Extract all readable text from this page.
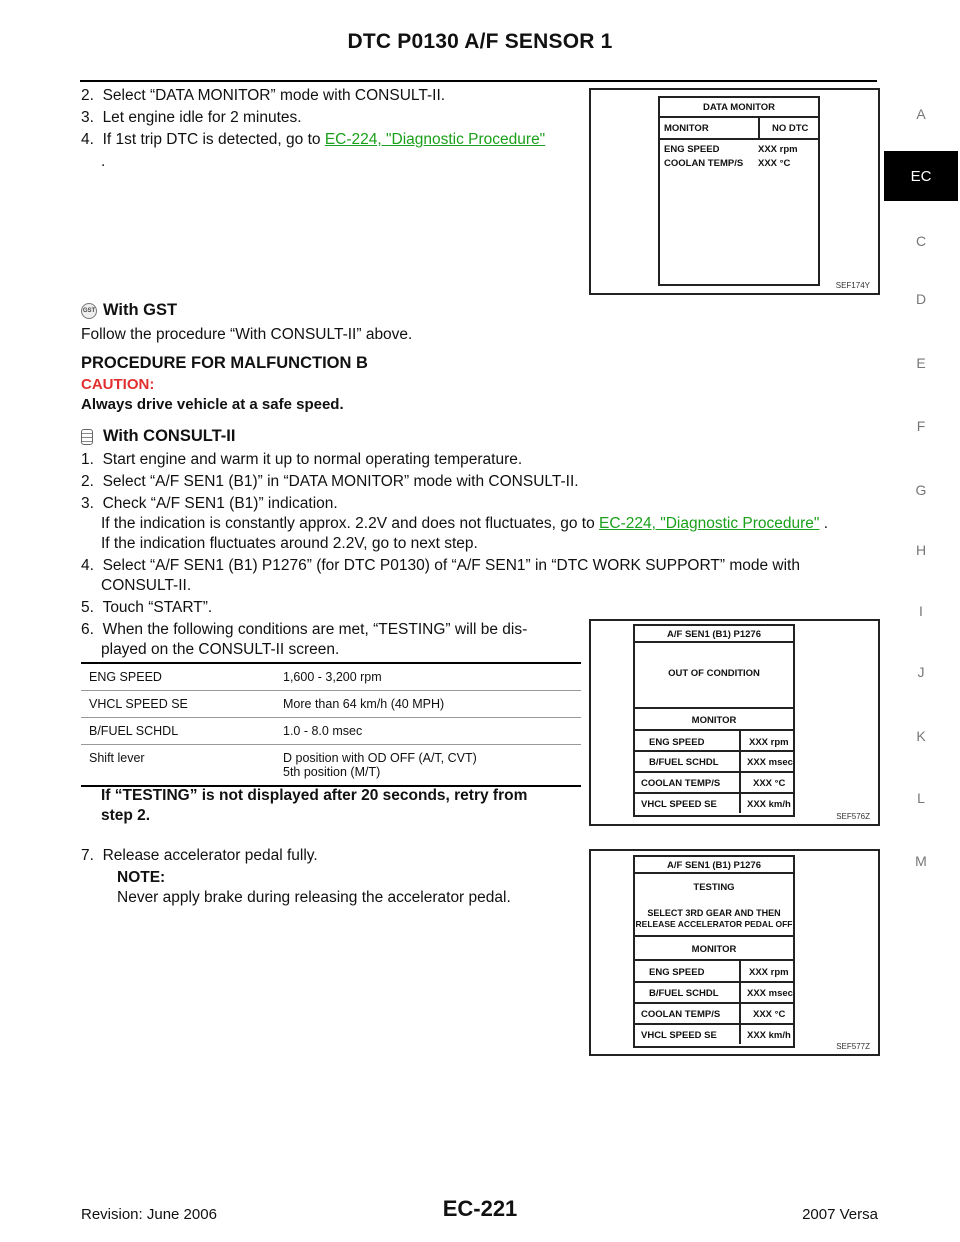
DTC P0130 A/F SENSOR 1
A
EC
C
D
E
F
G
H
I
J
K
L
M
2. Select “DATA MONITOR” mode with CONSULT-II.
3. Let engine idle for 2 minutes.
4. If 1st trip DTC is detected, go to EC-224, "Diagnostic Procedure"
.
DATA MONITOR
MONITOR	NO DTC
ENG SPEED	XXX rpm
COOLAN TEMP/S XXX °C
SEF174Y
GST With GST
Follow the procedure “With CONSULT-II” above.
PROCEDURE FOR MALFUNCTION B
CAUTION:
Always drive vehicle at a safe speed.
With CONSULT-II
1. Start engine and warm it up to normal operating temperature.
2. Select “A/F SEN1 (B1)” in “DATA MONITOR” mode with CONSULT-II.
3. Check “A/F SEN1 (B1)” indication.
If the indication is constantly approx. 2.2V and does not fluctuates, go to EC-224, "Diagnostic Procedure" .
If the indication fluctuates around 2.2V, go to next step.
4. Select “A/F SEN1 (B1) P1276” (for DTC P0130) of “A/F SEN1” in “DTC WORK SUPPORT” mode with
CONSULT-II.
5. Touch “START”.
6. When the following conditions are met, “TESTING” will be dis-
played on the CONSULT-II screen.
ENG SPEED	1,600 - 3,200 rpm
VHCL SPEED SE	More than 64 km/h (40 MPH)
B/FUEL SCHDL	1.0 - 8.0 msec
Shift lever	D position with OD OFF (A/T, CVT)
5th position (M/T)
If “TESTING” is not displayed after 20 seconds, retry from
step 2.
7. Release accelerator pedal fully.
NOTE:
Never apply brake during releasing the accelerator pedal.
A/F SEN1 (B1) P1276
OUT OF CONDITION
MONITOR
ENG SPEED	XXX rpm
B/FUEL SCHDL	XXX msec
COOLAN TEMP/S	XXX °C
VHCL SPEED SE	XXX km/h
SEF576Z
A/F SEN1 (B1) P1276
TESTING
SELECT 3RD GEAR AND THEN
RELEASE ACCELERATOR PEDAL OFF
MONITOR
ENG SPEED	XXX rpm
B/FUEL SCHDL	XXX msec
COOLAN TEMP/S	XXX °C
VHCL SPEED SE	XXX km/h
SEF577Z
Revision: June 2006	EC-221	2007 Versa
